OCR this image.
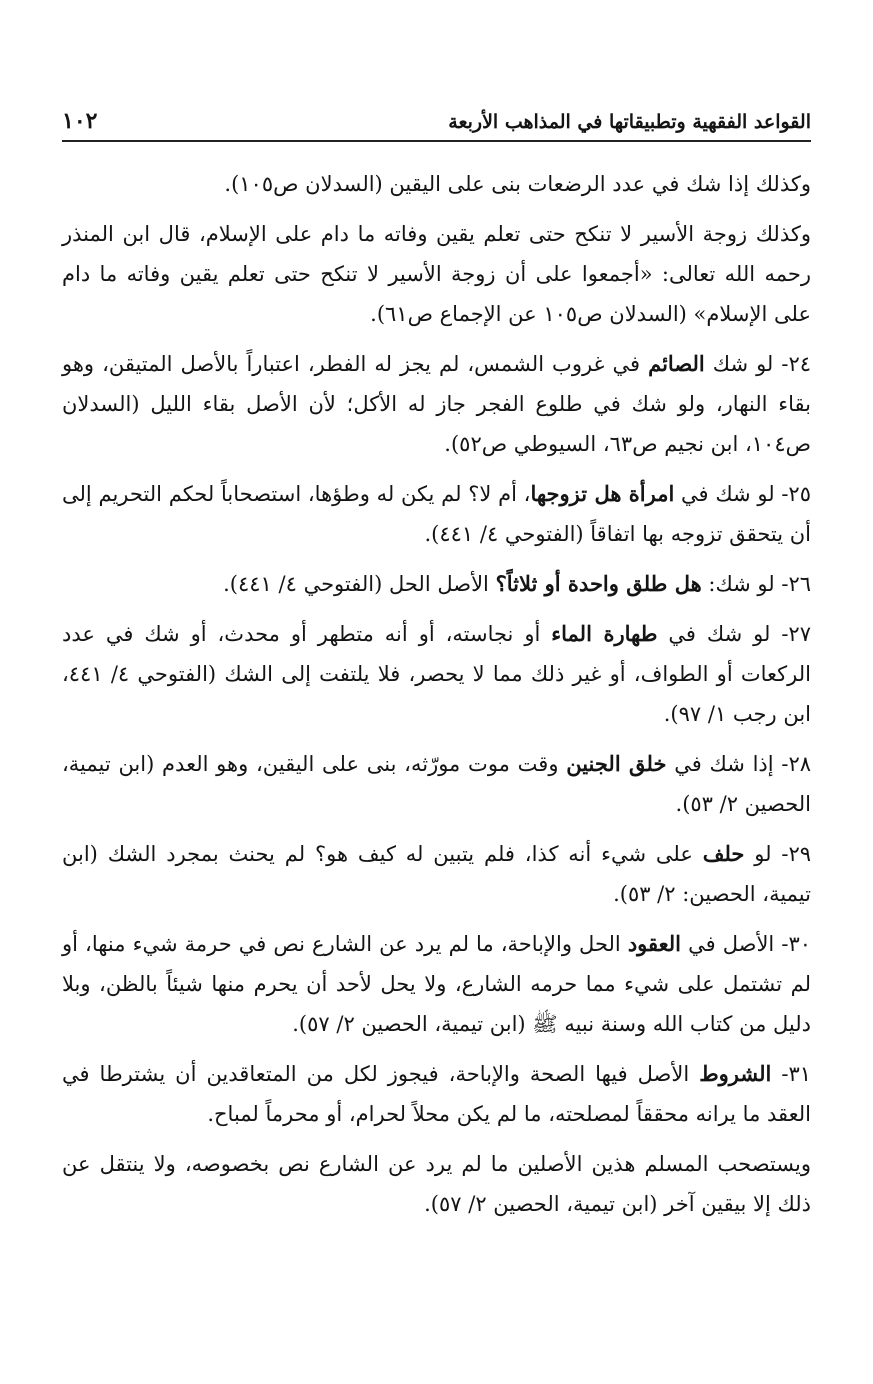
القواعد الفقهية وتطبيقاتها في المذاهب الأربعة
١٠٢

وكذلك إذا شك في عدد الرضعات بنى على اليقين (السدلان ص١٠٥).

وكذلك زوجة الأسير لا تنكح حتى تعلم يقين وفاته ما دام على الإسلام، قال ابن المنذر رحمه الله تعالى: «أجمعوا على أن زوجة الأسير لا تنكح حتى تعلم يقين وفاته ما دام على الإسلام» (السدلان ص١٠٥ عن الإجماع ص٦١).

٢٤- لو شك الصائم في غروب الشمس، لم يجز له الفطر، اعتباراً بالأصل المتيقن، وهو بقاء النهار، ولو شك في طلوع الفجر جاز له الأكل؛ لأن الأصل بقاء الليل (السدلان ص١٠٤، ابن نجيم ص٦٣، السيوطي ص٥٢).

٢٥- لو شك في امرأة هل تزوجها، أم لا؟ لم يكن له وطؤها، استصحاباً لحكم التحريم إلى أن يتحقق تزوجه بها اتفاقاً (الفتوحي ٤/ ٤٤١).

٢٦- لو شك: هل طلق واحدة أو ثلاثاً؟ الأصل الحل (الفتوحي ٤/ ٤٤١).

٢٧- لو شك في طهارة الماء أو نجاسته، أو أنه متطهر أو محدث، أو شك في عدد الركعات أو الطواف، أو غير ذلك مما لا يحصر، فلا يلتفت إلى الشك (الفتوحي ٤/ ٤٤١، ابن رجب ١/ ٩٧).

٢٨- إذا شك في خلق الجنين وقت موت مورّثه، بنى على اليقين، وهو العدم (ابن تيمية، الحصين ٢/ ٥٣).

٢٩- لو حلف على شيء أنه كذا، فلم يتبين له كيف هو؟ لم يحنث بمجرد الشك (ابن تيمية، الحصين: ٢/ ٥٣).

٣٠- الأصل في العقود الحل والإباحة، ما لم يرد عن الشارع نص في حرمة شيء منها، أو لم تشتمل على شيء مما حرمه الشارع، ولا يحل لأحد أن يحرم منها شيئاً بالظن، وبلا دليل من كتاب الله وسنة نبيه ﷺ (ابن تيمية، الحصين ٢/ ٥٧).

٣١- الشروط الأصل فيها الصحة والإباحة، فيجوز لكل من المتعاقدين أن يشترطا في العقد ما يرانه محققاً لمصلحته، ما لم يكن محلاً لحرام، أو محرماً لمباح.

ويستصحب المسلم هذين الأصلين ما لم يرد عن الشارع نص بخصوصه، ولا ينتقل عن ذلك إلا بيقين آخر (ابن تيمية، الحصين ٢/ ٥٧).
